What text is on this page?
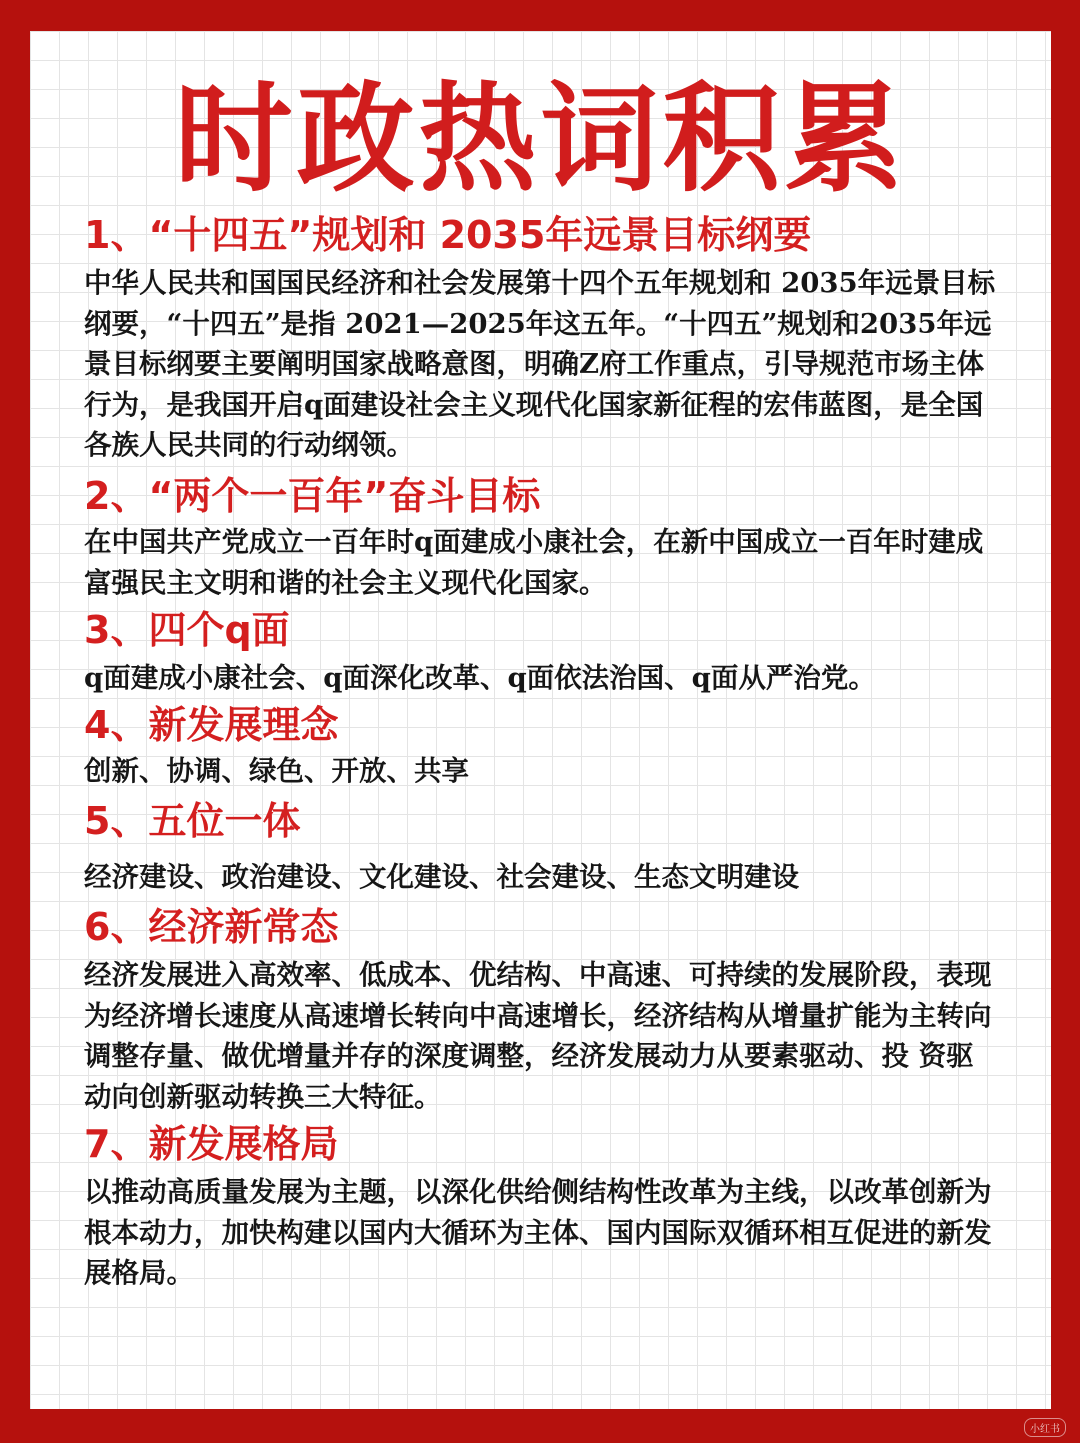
时政热词积累
1、“十四五”规划和 2035年远景目标纲要

中华人民共和国国民经济和社会发展第十四个五年规划和 2035年远景目标纲要，“十四五”是指 2021—2025年这五年。“十四五”规划和2035年远景目标纲要主要阐明国家战略意图，明确Z府工作重点，引导规范市场主体行为，是我国开启q面建设社会主义现代化国家新征程的宏伟蓝图，是全国各族人民共同的行动纲领。

2、“两个一百年”奋斗目标

在中国共产党成立一百年时q面建成小康社会，在新中国成立一百年时建成富强民主文明和谐的社会主义现代化国家。

3、四个q面

q面建成小康社会、q面深化改革、q面依法治国、q面从严治党。

4、新发展理念

创新、协调、绿色、开放、共享

5、五位一体

经济建设、政治建设、文化建设、社会建设、生态文明建设

6、经济新常态

经济发展进入高效率、低成本、优结构、中高速、可持续的发展阶段，表现为经济增长速度从高速增长转向中高速增长，经济结构从增量扩能为主转向调整存量、做优增量并存的深度调整，经济发展动力从要素驱动、投 资驱动向创新驱动转换三大特征。

7、新发展格局

以推动高质量发展为主题，以深化供给侧结构性改革为主线，以改革创新为根本动力，加快构建以国内大循环为主体、国内国际双循环相互促进的新发展格局。

小红书
